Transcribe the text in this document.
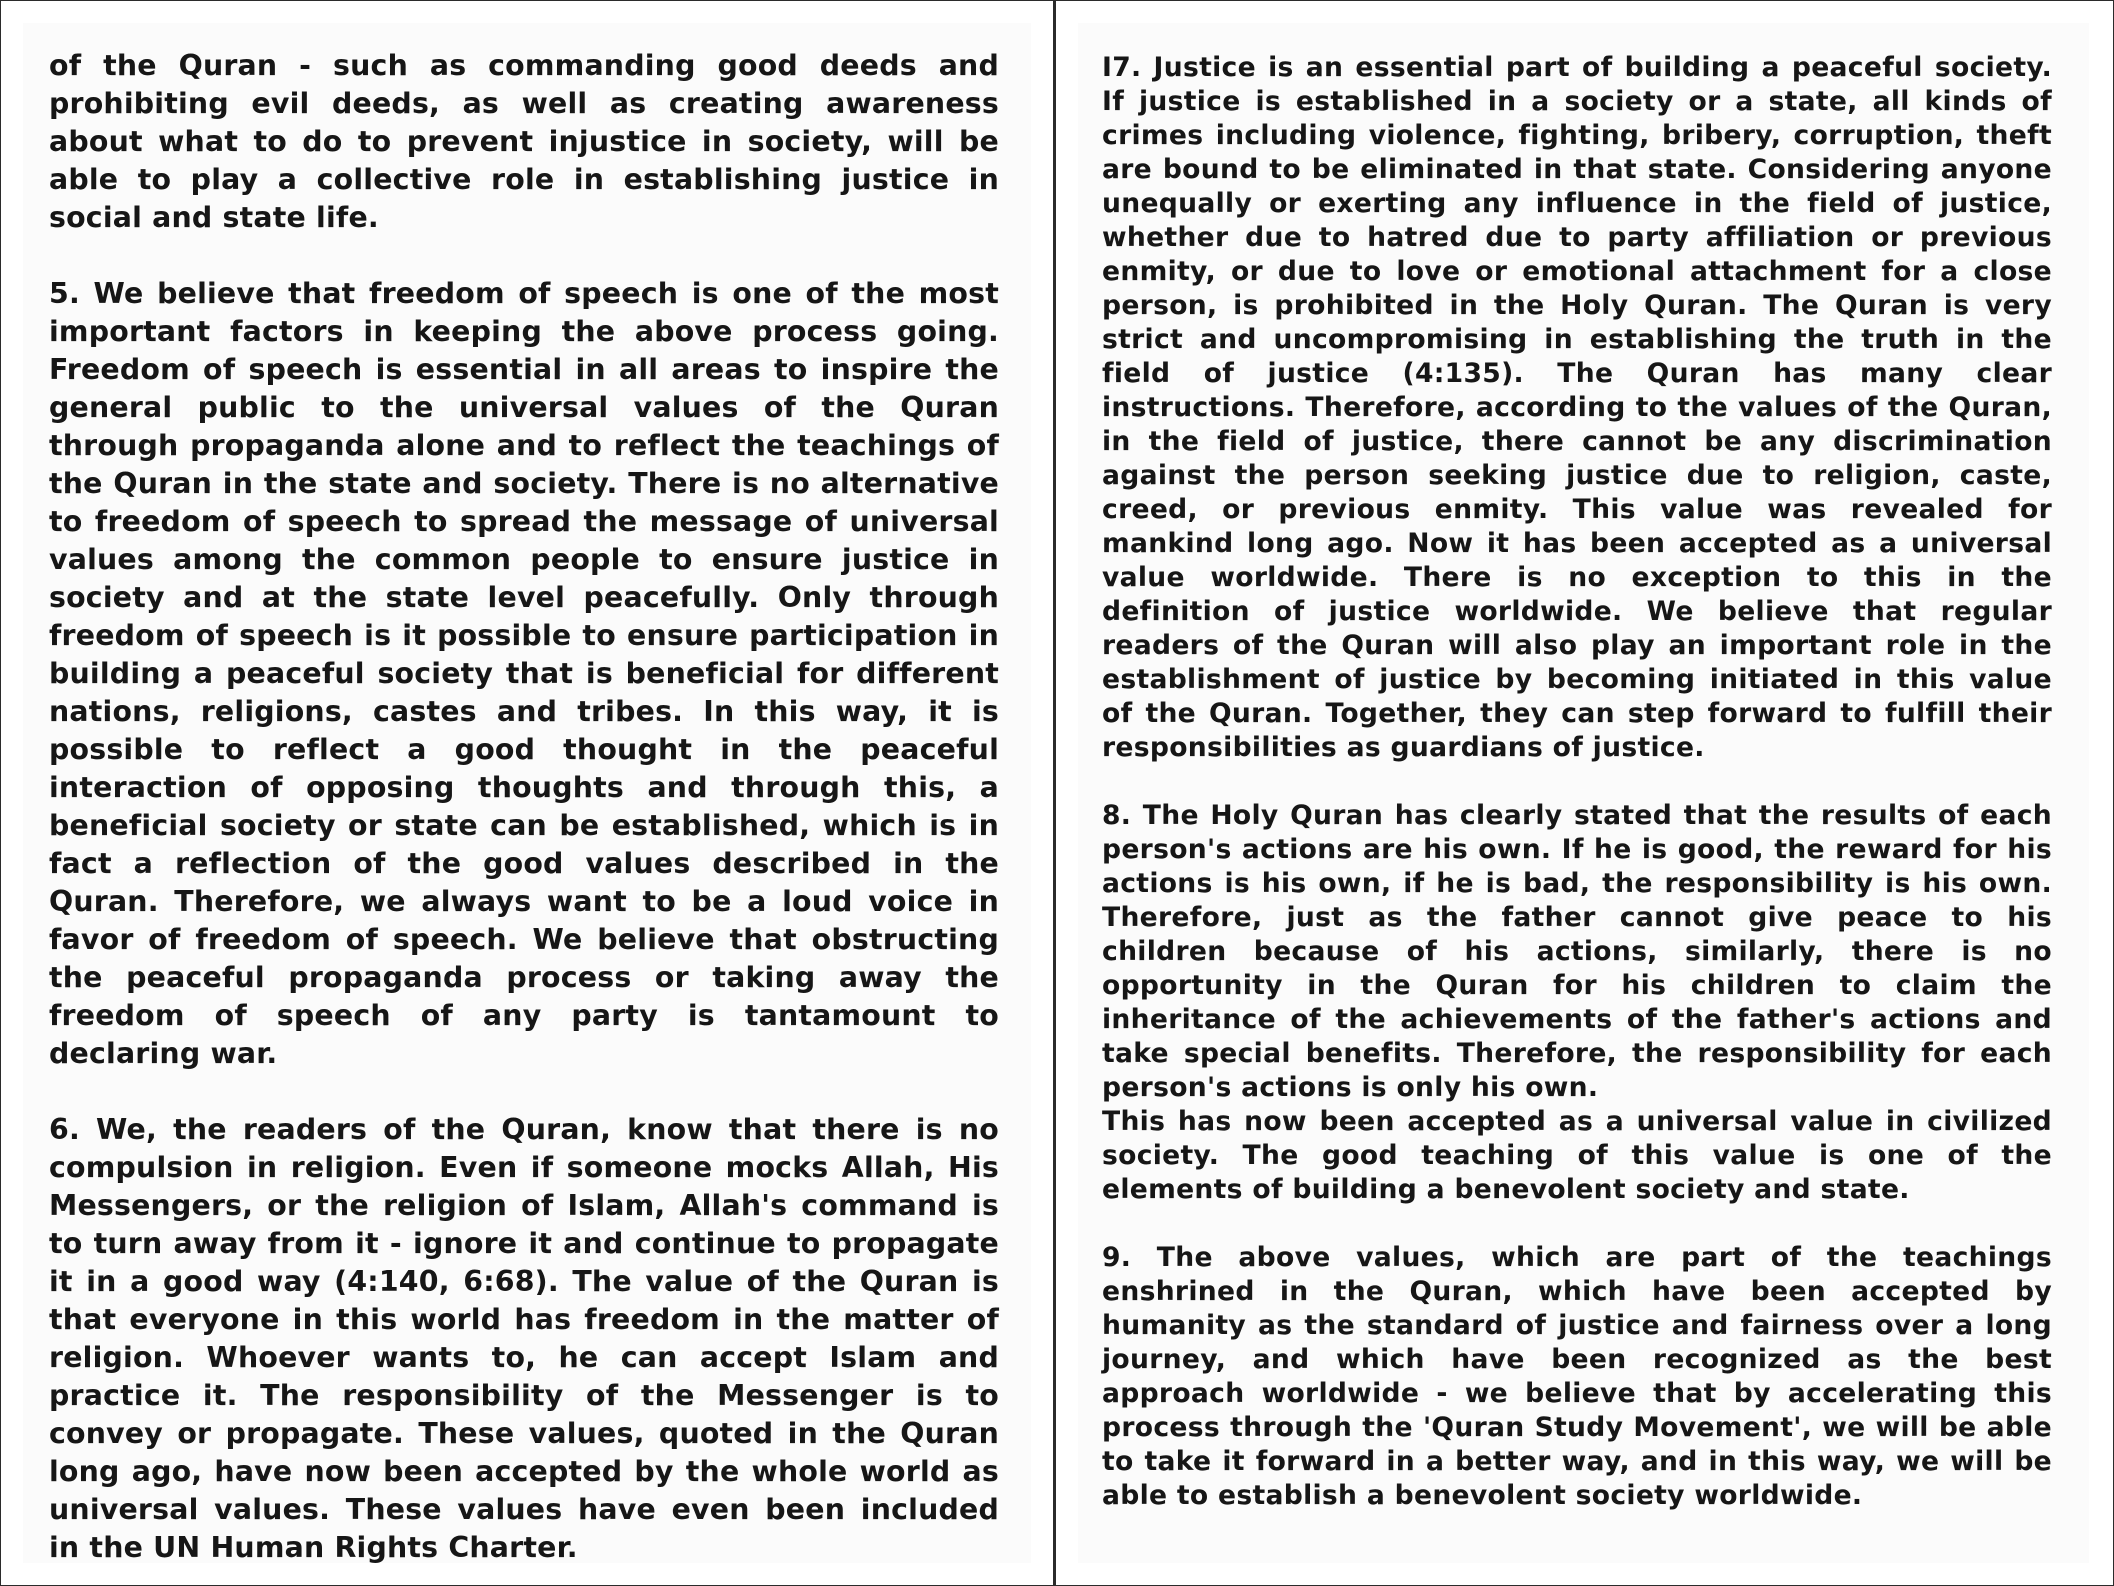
of the Quran - such as commanding good deeds and prohibiting evil deeds, as well as creating awareness about what to do to prevent injustice in society, will be able to play a collective role in establishing justice in social and state life.

5. We believe that freedom of speech is one of the most important factors in keeping the above process going. Freedom of speech is essential in all areas to inspire the general public to the universal values of the Quran through propaganda alone and to reflect the teachings of the Quran in the state and society. There is no alternative to freedom of speech to spread the message of universal values among the common people to ensure justice in society and at the state level peacefully. Only through freedom of speech is it possible to ensure participation in building a peaceful society that is beneficial for different nations, religions, castes and tribes. In this way, it is possible to reflect a good thought in the peaceful interaction of opposing thoughts and through this, a beneficial society or state can be established, which is in fact a reflection of the good values described in the Quran. Therefore, we always want to be a loud voice in favor of freedom of speech. We believe that obstructing the peaceful propaganda process or taking away the freedom of speech of any party is tantamount to declaring war.

6. We, the readers of the Quran, know that there is no compulsion in religion. Even if someone mocks Allah, His Messengers, or the religion of Islam, Allah's command is to turn away from it - ignore it and continue to propagate it in a good way (4:140, 6:68). The value of the Quran is that everyone in this world has freedom in the matter of religion. Whoever wants to, he can accept Islam and practice it. The responsibility of the Messenger is to convey or propagate. These values, quoted in the Quran long ago, have now been accepted by the whole world as universal values. These values have even been included in the UN Human Rights Charter.

I7. Justice is an essential part of building a peaceful society. If justice is established in a society or a state, all kinds of crimes including violence, fighting, bribery, corruption, theft are bound to be eliminated in that state. Considering anyone unequally or exerting any influence in the field of justice, whether due to hatred due to party affiliation or previous enmity, or due to love or emotional attachment for a close person, is prohibited in the Holy Quran. The Quran is very strict and uncompromising in establishing the truth in the field of justice (4:135). The Quran has many clear instructions. Therefore, according to the values of the Quran, in the field of justice, there cannot be any discrimination against the person seeking justice due to religion, caste, creed, or previous enmity. This value was revealed for mankind long ago. Now it has been accepted as a universal value worldwide. There is no exception to this in the definition of justice worldwide. We believe that regular readers of the Quran will also play an important role in the establishment of justice by becoming initiated in this value of the Quran. Together, they can step forward to fulfill their responsibilities as guardians of justice.

8. The Holy Quran has clearly stated that the results of each person's actions are his own. If he is good, the reward for his actions is his own, if he is bad, the responsibility is his own. Therefore, just as the father cannot give peace to his children because of his actions, similarly, there is no opportunity in the Quran for his children to claim the inheritance of the achievements of the father's actions and take special benefits. Therefore, the responsibility for each person's actions is only his own.

This has now been accepted as a universal value in civilized society. The good teaching of this value is one of the elements of building a benevolent society and state.

9. The above values, which are part of the teachings enshrined in the Quran, which have been accepted by humanity as the standard of justice and fairness over a long journey, and which have been recognized as the best approach worldwide - we believe that by accelerating this process through the 'Quran Study Movement', we will be able to take it forward in a better way, and in this way, we will be able to establish a benevolent society worldwide.
